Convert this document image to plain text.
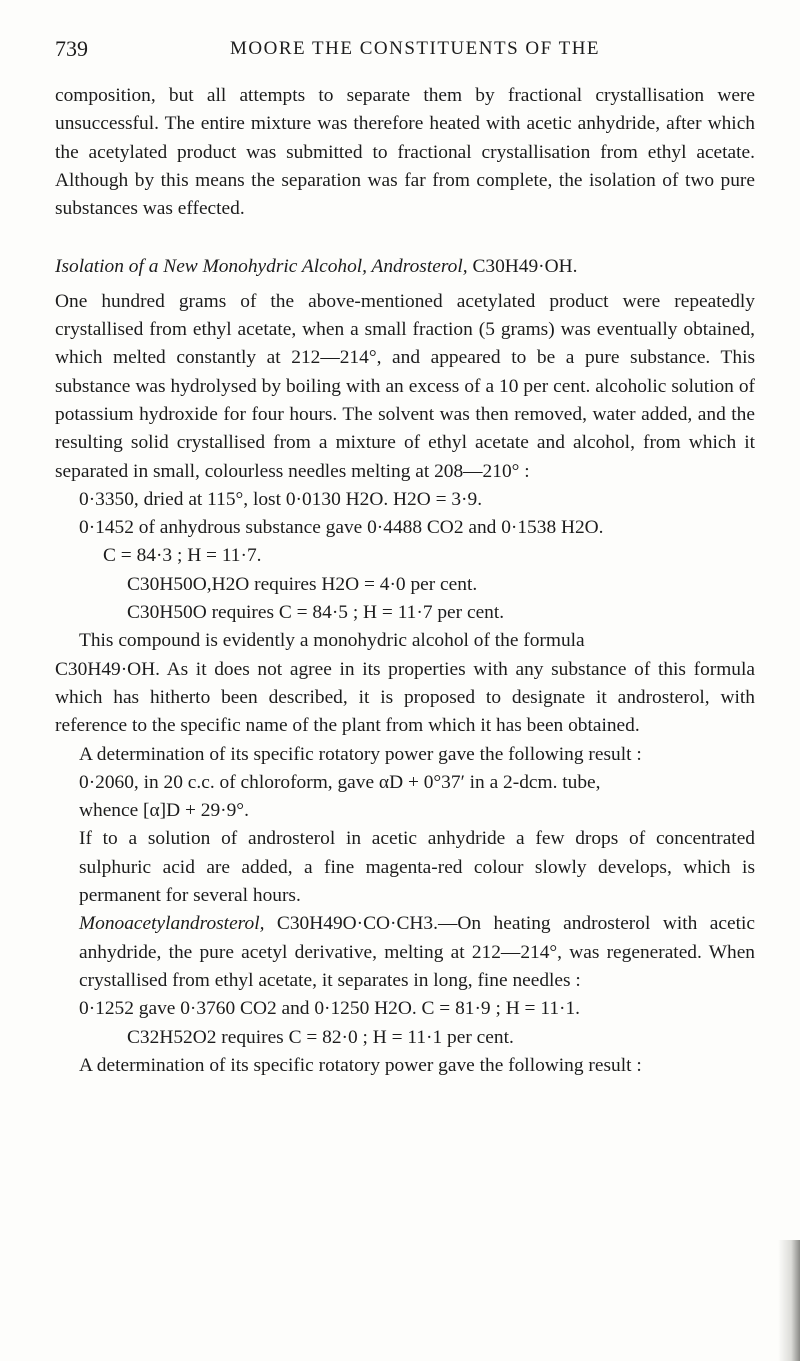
739	MOORE THE CONSTITUENTS OF THE

composition, but all attempts to separate them by fractional crystallisation were unsuccessful. The entire mixture was therefore heated with acetic anhydride, after which the acetylated product was submitted to fractional crystallisation from ethyl acetate. Although by this means the separation was far from complete, the isolation of two pure substances was effected.

Isolation of a New Monohydric Alcohol, Androsterol, C30H49·OH.

One hundred grams of the above-mentioned acetylated product were repeatedly crystallised from ethyl acetate, when a small fraction (5 grams) was eventually obtained, which melted constantly at 212—214°, and appeared to be a pure substance. This substance was hydrolysed by boiling with an excess of a 10 per cent. alcoholic solution of potassium hydroxide for four hours. The solvent was then removed, water added, and the resulting solid crystallised from a mixture of ethyl acetate and alcohol, from which it separated in small, colourless needles melting at 208—210° :

0·3350, dried at 115°, lost 0·0130 H2O. H2O = 3·9.

0·1452 of anhydrous substance gave 0·4488 CO2 and 0·1538 H2O.

C = 84·3 ; H = 11·7.

C30H50O,H2O requires H2O = 4·0 per cent.

C30H50O requires C = 84·5 ; H = 11·7 per cent.

This compound is evidently a monohydric alcohol of the formula

C30H49·OH. As it does not agree in its properties with any substance of this formula which has hitherto been described, it is proposed to designate it androsterol, with reference to the specific name of the plant from which it has been obtained.

A determination of its specific rotatory power gave the following result :

0·2060, in 20 c.c. of chloroform, gave αD + 0°37′ in a 2-dcm. tube,

whence [α]D + 29·9°.

If to a solution of androsterol in acetic anhydride a few drops of concentrated sulphuric acid are added, a fine magenta-red colour slowly develops, which is permanent for several hours.

Monoacetylandrosterol, C30H49O·CO·CH3.—On heating androsterol with acetic anhydride, the pure acetyl derivative, melting at 212—214°, was regenerated. When crystallised from ethyl acetate, it separates in long, fine needles :

0·1252 gave 0·3760 CO2 and 0·1250 H2O. C = 81·9 ; H = 11·1.

C32H52O2 requires C = 82·0 ; H = 11·1 per cent.

A determination of its specific rotatory power gave the following result :
